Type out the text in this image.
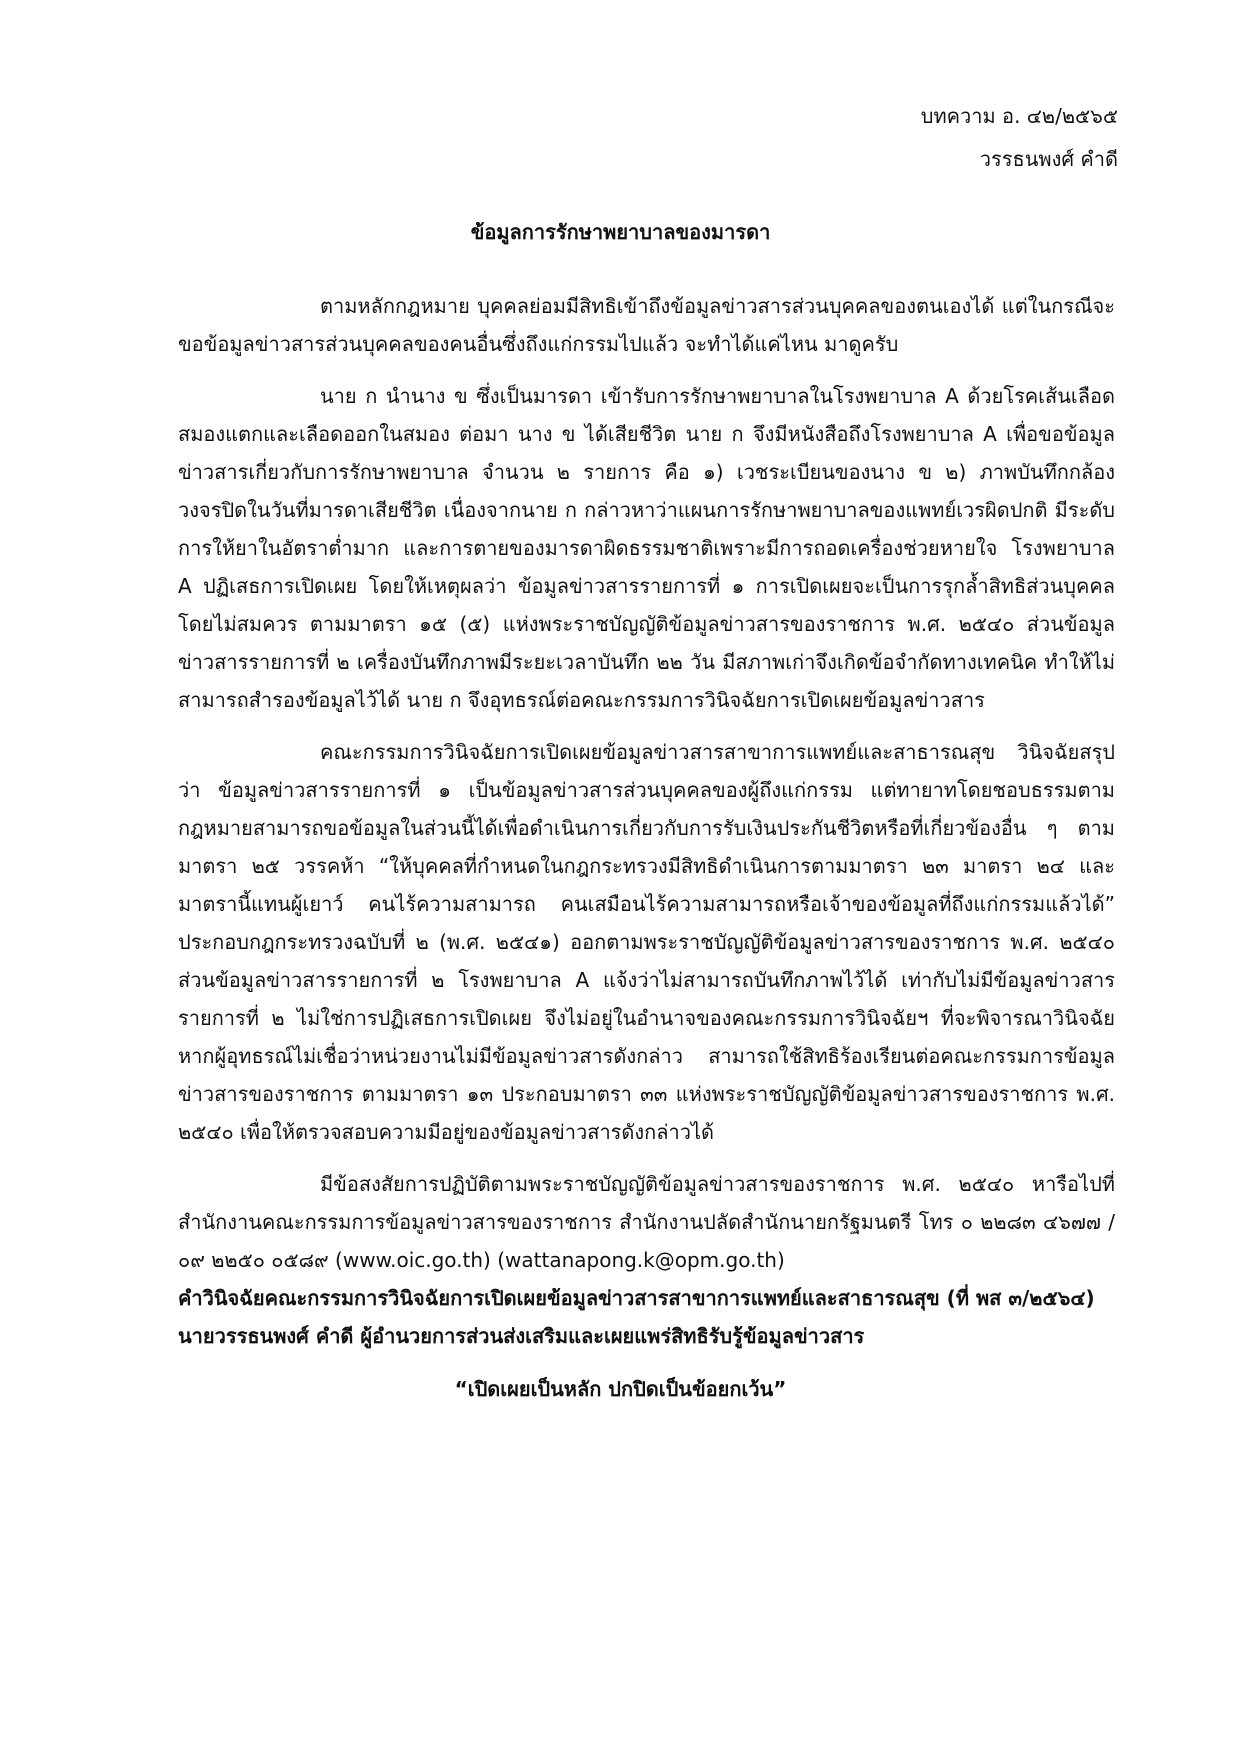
บทความ อ. ๔๒/๒๕๖๕
วรรธนพงศ์ คำดี
ข้อมูลการรักษาพยาบาลของมารดา

ตามหลักกฎหมาย บุคคลย่อมมีสิทธิเข้าถึงข้อมูลข่าวสารส่วนบุคคลของตนเองได้ แต่ในกรณีจะขอข้อมูลข่าวสารส่วนบุคคลของคนอื่นซึ่งถึงแก่กรรมไปแล้ว จะทำได้แค่ไหน มาดูครับ

นาย ก นำนาง ข ซึ่งเป็นมารดา เข้ารับการรักษาพยาบาลในโรงพยาบาล A ด้วยโรคเส้นเลือดสมองแตกและเลือดออกในสมอง ต่อมา นาง ข ได้เสียชีวิต นาย ก จึงมีหนังสือถึงโรงพยาบาล A เพื่อขอข้อมูลข่าวสารเกี่ยวกับการรักษาพยาบาล จำนวน ๒ รายการ คือ ๑) เวชระเบียนของนาง ข ๒) ภาพบันทึกกล้องวงจรปิดในวันที่มารดาเสียชีวิต เนื่องจากนาย ก กล่าวหาว่าแผนการรักษาพยาบาลของแพทย์เวรผิดปกติ มีระดับการให้ยาในอัตราต่ำมาก และการตายของมารดาผิดธรรมชาติเพราะมีการถอดเครื่องช่วยหายใจ โรงพยาบาล A ปฏิเสธการเปิดเผย โดยให้เหตุผลว่า ข้อมูลข่าวสารรายการที่ ๑ การเปิดเผยจะเป็นการรุกล้ำสิทธิส่วนบุคคลโดยไม่สมควร ตามมาตรา ๑๕ (๕) แห่งพระราชบัญญัติข้อมูลข่าวสารของราชการ พ.ศ. ๒๕๔๐ ส่วนข้อมูลข่าวสารรายการที่ ๒ เครื่องบันทึกภาพมีระยะเวลาบันทึก ๒๒ วัน มีสภาพเก่าจึงเกิดข้อจำกัดทางเทคนิค ทำให้ไม่สามารถสำรองข้อมูลไว้ได้ นาย ก จึงอุทธรณ์ต่อคณะกรรมการวินิจฉัยการเปิดเผยข้อมูลข่าวสาร

คณะกรรมการวินิจฉัยการเปิดเผยข้อมูลข่าวสารสาขาการแพทย์และสาธารณสุข วินิจฉัยสรุปว่า ข้อมูลข่าวสารรายการที่ ๑ เป็นข้อมูลข่าวสารส่วนบุคคลของผู้ถึงแก่กรรม แต่ทายาทโดยชอบธรรมตามกฎหมายสามารถขอข้อมูลในส่วนนี้ได้เพื่อดำเนินการเกี่ยวกับการรับเงินประกันชีวิตหรือที่เกี่ยวข้องอื่น ๆ ตามมาตรา ๒๕ วรรคห้า “ให้บุคคลที่กำหนดในกฎกระทรวงมีสิทธิดำเนินการตามมาตรา ๒๓ มาตรา ๒๔ และมาตรานี้แทนผู้เยาว์ คนไร้ความสามารถ คนเสมือนไร้ความสามารถหรือเจ้าของข้อมูลที่ถึงแก่กรรมแล้วได้” ประกอบกฎกระทรวงฉบับที่ ๒ (พ.ศ. ๒๕๔๑) ออกตามพระราชบัญญัติข้อมูลข่าวสารของราชการ พ.ศ. ๒๕๔๐ ส่วนข้อมูลข่าวสารรายการที่ ๒ โรงพยาบาล A แจ้งว่าไม่สามารถบันทึกภาพไว้ได้ เท่ากับไม่มีข้อมูลข่าวสารรายการที่ ๒ ไม่ใช่การปฏิเสธการเปิดเผย จึงไม่อยู่ในอำนาจของคณะกรรมการวินิจฉัยฯ ที่จะพิจารณาวินิจฉัย หากผู้อุทธรณ์ไม่เชื่อว่าหน่วยงานไม่มีข้อมูลข่าวสารดังกล่าว สามารถใช้สิทธิร้องเรียนต่อคณะกรรมการข้อมูลข่าวสารของราชการ ตามมาตรา ๑๓ ประกอบมาตรา ๓๓ แห่งพระราชบัญญัติข้อมูลข่าวสารของราชการ พ.ศ. ๒๕๔๐ เพื่อให้ตรวจสอบความมีอยู่ของข้อมูลข่าวสารดังกล่าวได้

มีข้อสงสัยการปฏิบัติตามพระราชบัญญัติข้อมูลข่าวสารของราชการ พ.ศ. ๒๕๔๐ หารือไปที่สำนักงานคณะกรรมการข้อมูลข่าวสารของราชการ สำนักงานปลัดสำนักนายกรัฐมนตรี โทร ๐ ๒๒๘๓ ๔๖๗๗ / ๐๙ ๒๒๕๐ ๐๕๘๙ (www.oic.go.th) (wattanapong.k@opm.go.th)

คำวินิจฉัยคณะกรรมการวินิจฉัยการเปิดเผยข้อมูลข่าวสารสาขาการแพทย์และสาธารณสุข (ที่ พส ๓/๒๕๖๔)

นายวรรธนพงศ์ คำดี ผู้อำนวยการส่วนส่งเสริมและเผยแพร่สิทธิรับรู้ข้อมูลข่าวสาร

“เปิดเผยเป็นหลัก ปกปิดเป็นข้อยกเว้น”
